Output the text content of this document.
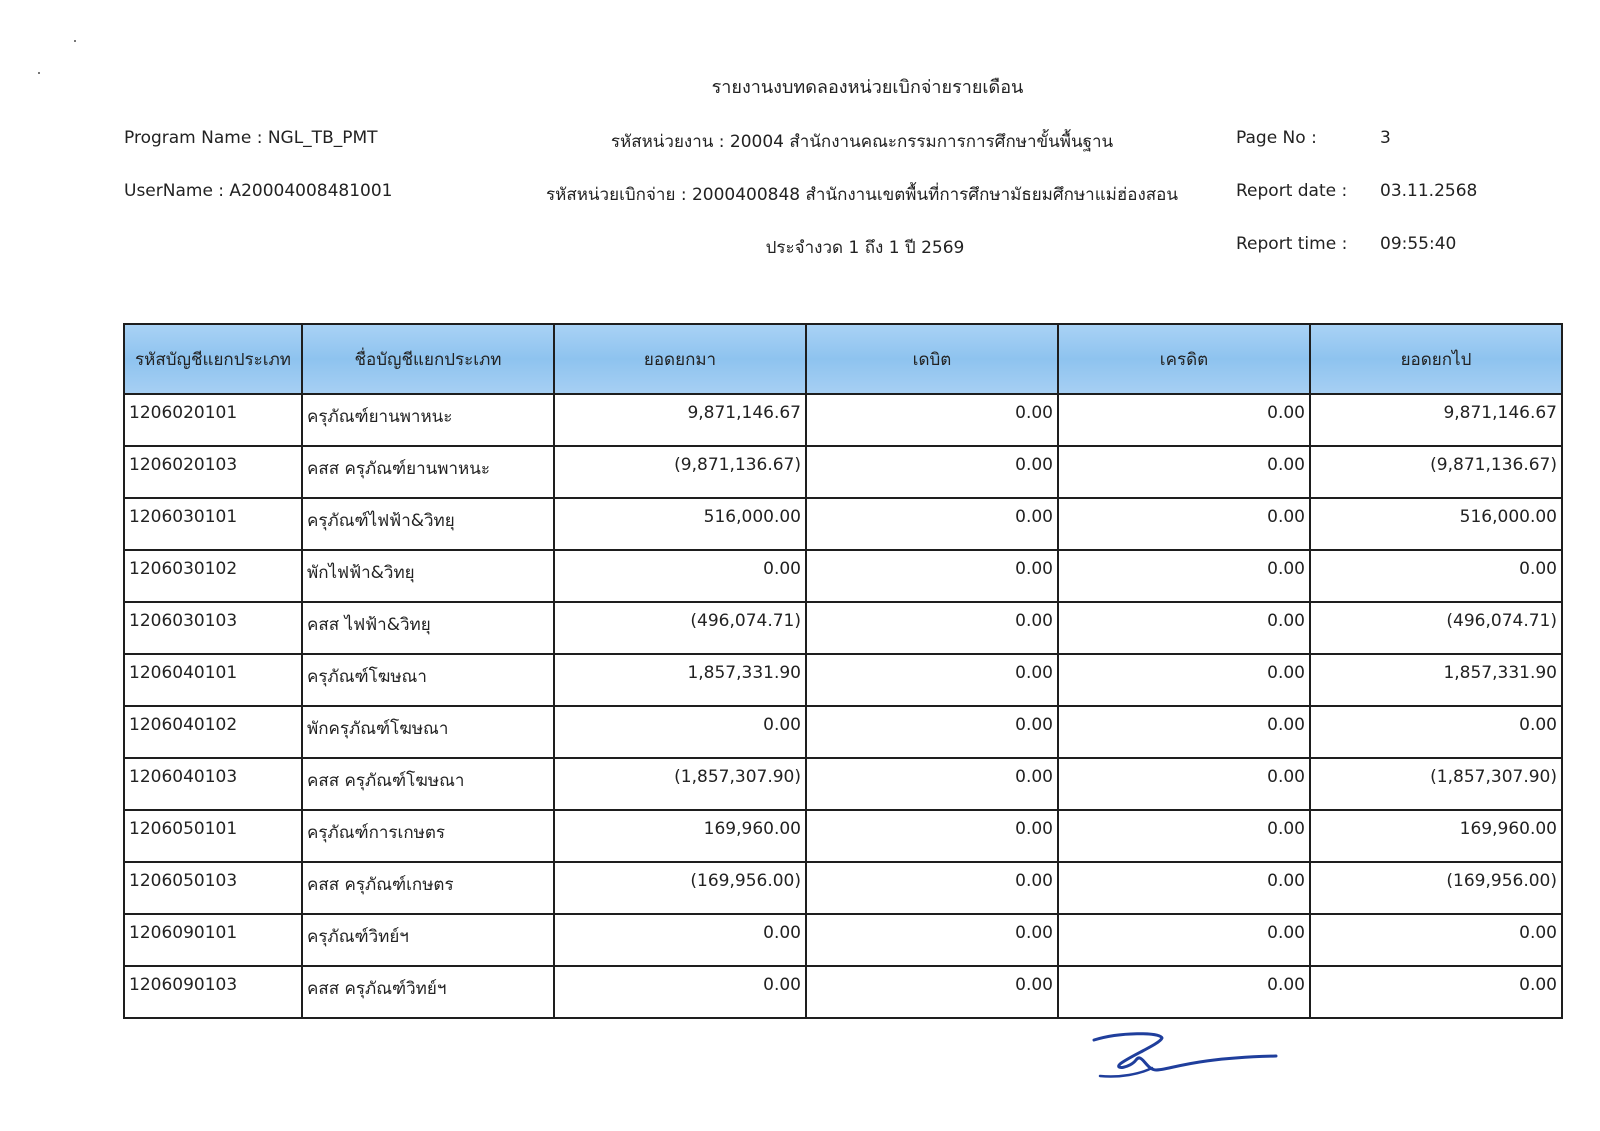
รายงานงบทดลองหน่วยเบิกจ่ายรายเดือน
Program Name : NGL_TB_PMT
UserName : A20004008481001
รหัสหน่วยงาน : 20004 สำนักงานคณะกรรมการการศึกษาขั้นพื้นฐาน
รหัสหน่วยเบิกจ่าย : 2000400848 สำนักงานเขตพื้นที่การศึกษามัธยมศึกษาแม่ฮ่องสอน
ประจำงวด 1 ถึง 1 ปี 2569
Page No :	3
Report date : 03.11.2568
Report time : 09:55:40
รหัสบัญชีแยกประเภท	ชื่อบัญชีแยกประเภท	ยอดยกมา	เดบิต	เครดิต	ยอดยกไป
1206020101	ครุภัณฑ์ยานพาหนะ	9,871,146.67	0.00	0.00	9,871,146.67
1206020103	คสส ครุภัณฑ์ยานพาหนะ	(9,871,136.67)	0.00	0.00	(9,871,136.67)
1206030101	ครุภัณฑ์ไฟฟ้า&วิทยุ	516,000.00	0.00	0.00	516,000.00
1206030102	พักไฟฟ้า&วิทยุ	0.00	0.00	0.00	0.00
1206030103	คสส ไฟฟ้า&วิทยุ	(496,074.71)	0.00	0.00	(496,074.71)
1206040101	ครุภัณฑ์โฆษณา	1,857,331.90	0.00	0.00	1,857,331.90
1206040102	พักครุภัณฑ์โฆษณา	0.00	0.00	0.00	0.00
1206040103	คสส ครุภัณฑ์โฆษณา	(1,857,307.90)	0.00	0.00	(1,857,307.90)
1206050101	ครุภัณฑ์การเกษตร	169,960.00	0.00	0.00	169,960.00
1206050103	คสส ครุภัณฑ์เกษตร	(169,956.00)	0.00	0.00	(169,956.00)
1206090101	ครุภัณฑ์วิทย์ฯ	0.00	0.00	0.00	0.00
1206090103	คสส ครุภัณฑ์วิทย์ฯ	0.00	0.00	0.00	0.00
